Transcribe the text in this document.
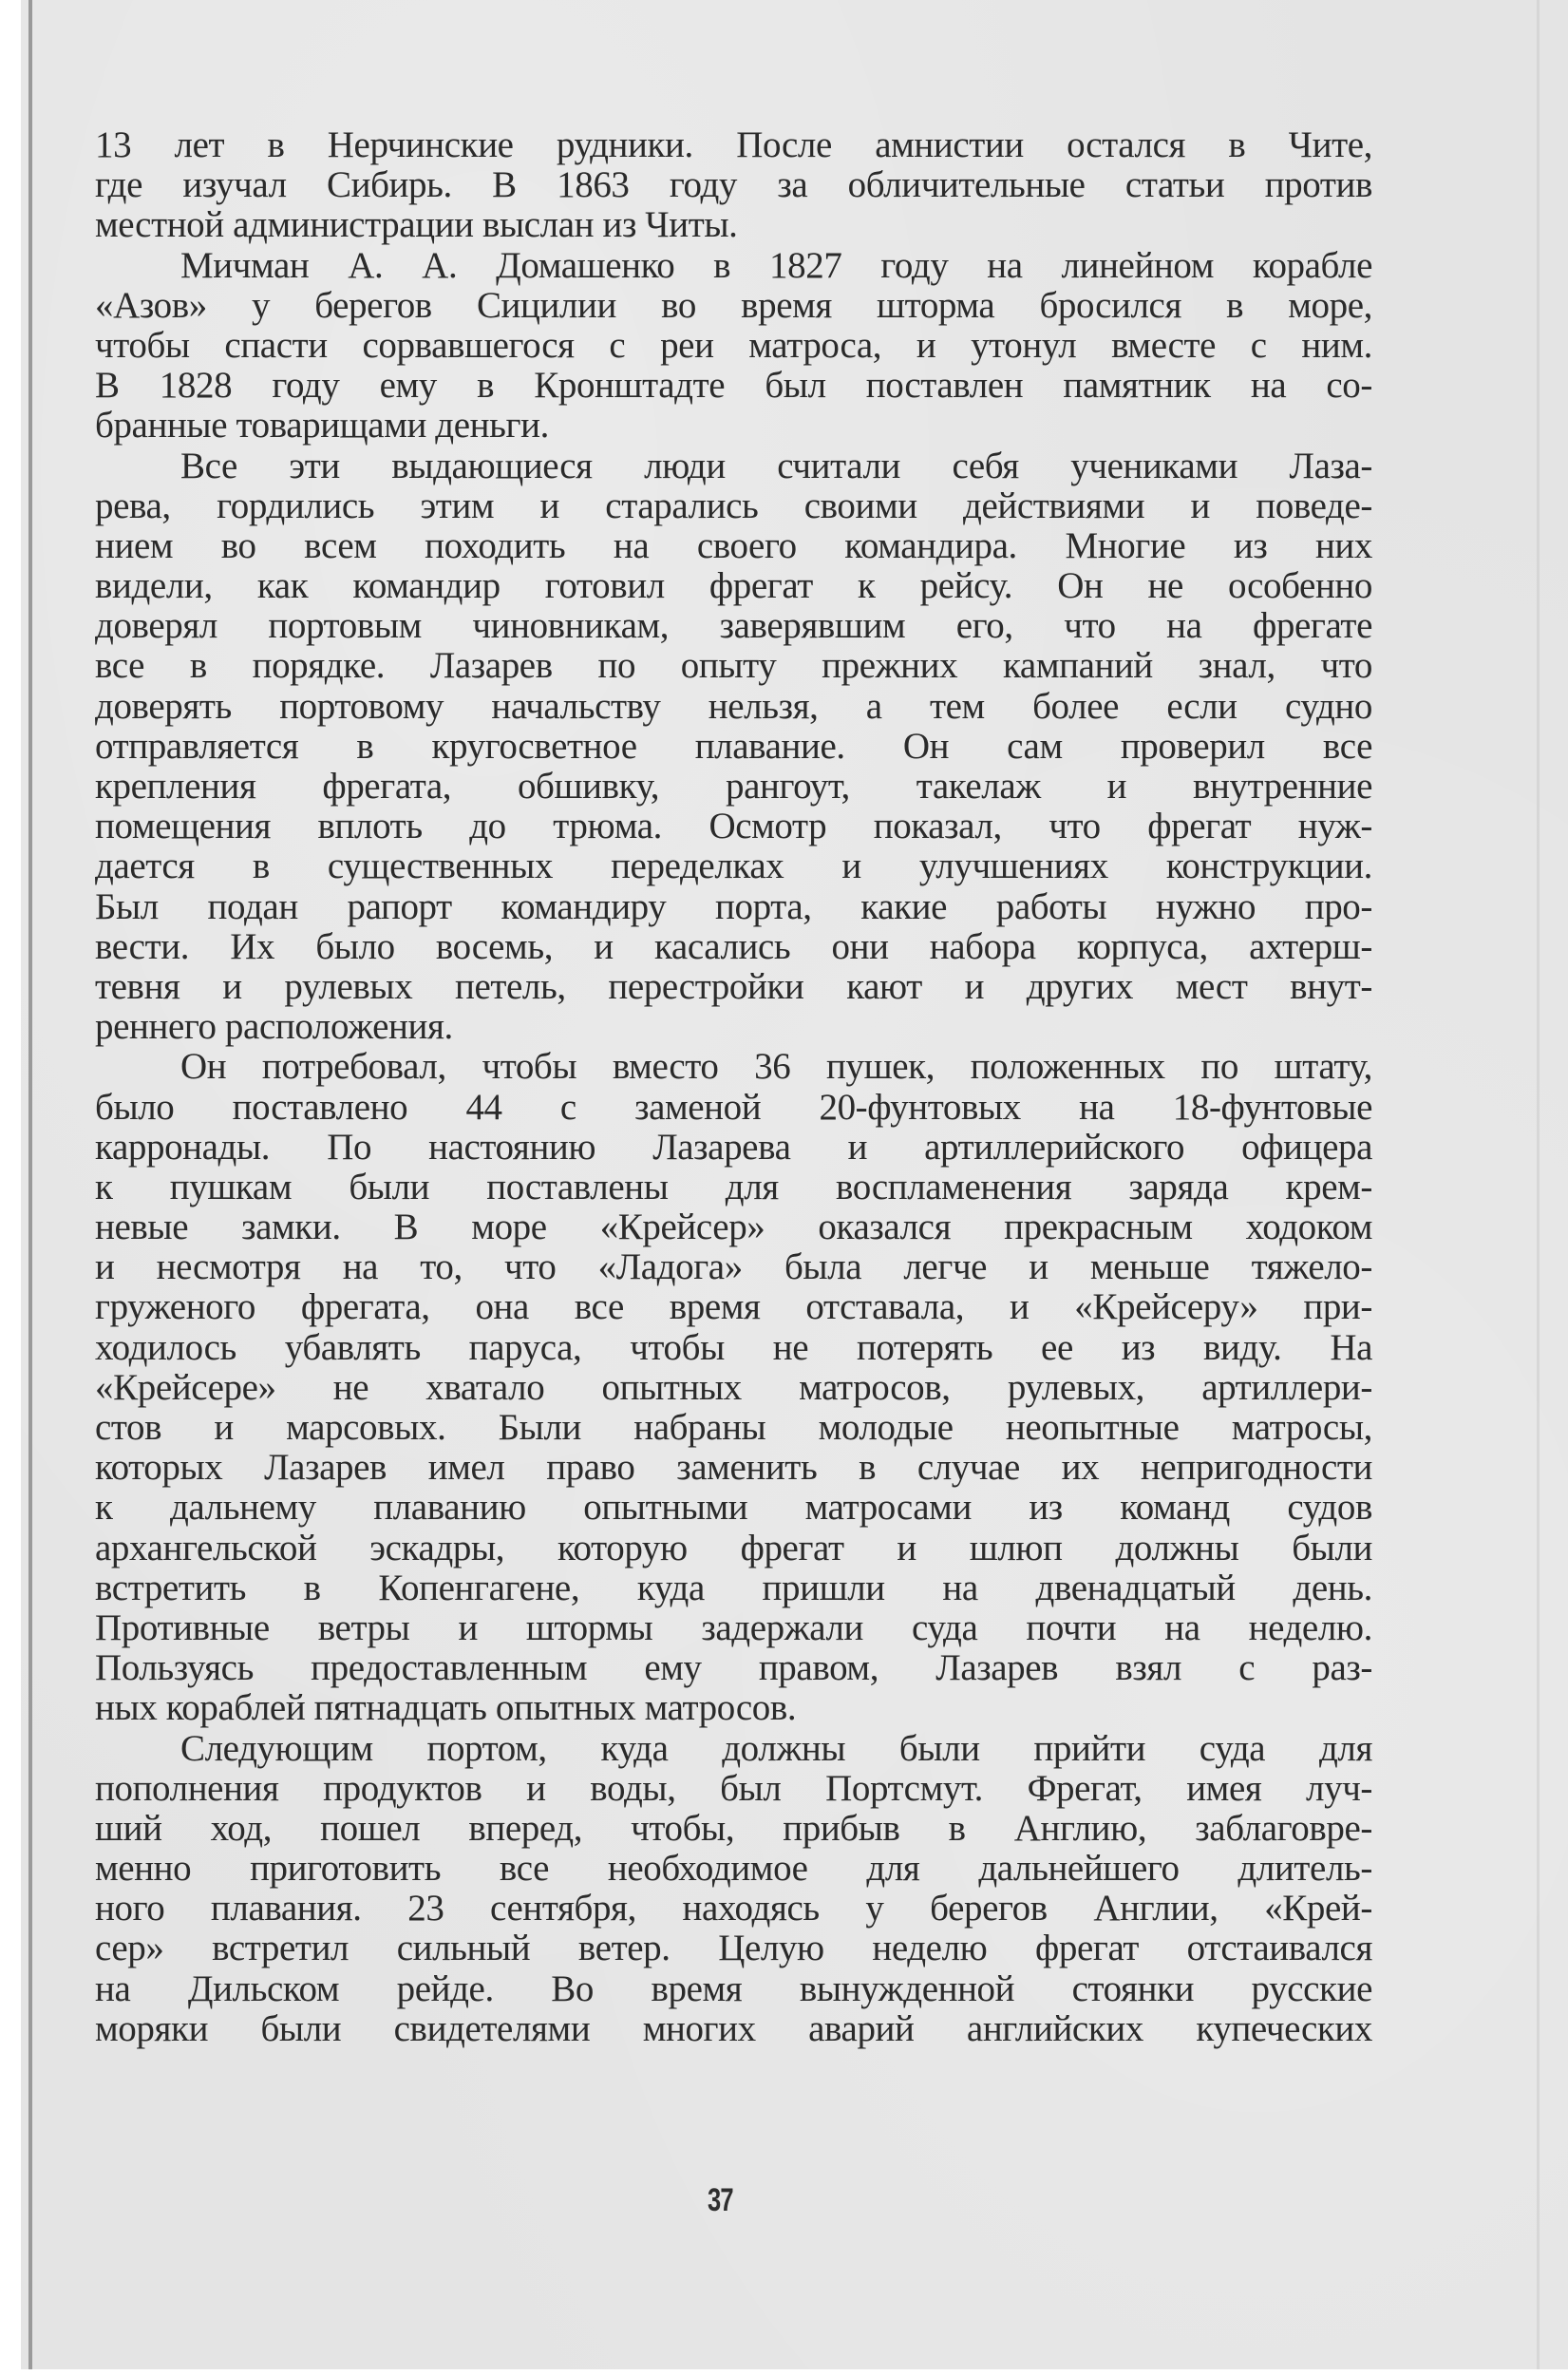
13 лет в Нерчинские рудники. После амнистии остался в Чите,
где изучал Сибирь. В 1863 году за обличительные статьи против
местной администрации выслан из Читы.
Мичман А. А. Домашенко в 1827 году на линейном корабле
«Азов» у берегов Сицилии во время шторма бросился в море,
чтобы спасти сорвавшегося с реи матроса, и утонул вместе с ним.
В 1828 году ему в Кронштадте был поставлен памятник на со-
бранные товарищами деньги.
Все эти выдающиеся люди считали себя учениками Лаза-
рева, гордились этим и старались своими действиями и поведе-
нием во всем походить на своего командира. Многие из них
видели, как командир готовил фрегат к рейсу. Он не особенно
доверял портовым чиновникам, заверявшим его, что на фрегате
все в порядке. Лазарев по опыту прежних кампаний знал, что
доверять портовому начальству нельзя, а тем более если судно
отправляется в кругосветное плавание. Он сам проверил все
крепления фрегата, обшивку, рангоут, такелаж и внутренние
помещения вплоть до трюма. Осмотр показал, что фрегат нуж-
дается в существенных переделках и улучшениях конструкции.
Был подан рапорт командиру порта, какие работы нужно про-
вести. Их было восемь, и касались они набора корпуса, ахтерш-
тевня и рулевых петель, перестройки кают и других мест внут-
реннего расположения.
Он потребовал, чтобы вместо 36 пушек, положенных по штату,
было поставлено 44 с заменой 20-фунтовых на 18-фунтовые
карронады. По настоянию Лазарева и артиллерийского офицера
к пушкам были поставлены для воспламенения заряда крем-
невые замки. В море «Крейсер» оказался прекрасным ходоком
и несмотря на то, что «Ладога» была легче и меньше тяжело-
груженого фрегата, она все время отставала, и «Крейсеру» при-
ходилось убавлять паруса, чтобы не потерять ее из виду. На
«Крейсере» не хватало опытных матросов, рулевых, артиллери-
стов и марсовых. Были набраны молодые неопытные матросы,
которых Лазарев имел право заменить в случае их непригодности
к дальнему плаванию опытными матросами из команд судов
архангельской эскадры, которую фрегат и шлюп должны были
встретить в Копенгагене, куда пришли на двенадцатый день.
Противные ветры и штормы задержали суда почти на неделю.
Пользуясь предоставленным ему правом, Лазарев взял с раз-
ных кораблей пятнадцать опытных матросов.
Следующим портом, куда должны были прийти суда для
пополнения продуктов и воды, был Портсмут. Фрегат, имея луч-
ший ход, пошел вперед, чтобы, прибыв в Англию, заблаговре-
менно приготовить все необходимое для дальнейшего длитель-
ного плавания. 23 сентября, находясь у берегов Англии, «Крей-
сер» встретил сильный ветер. Целую неделю фрегат отстаивался
на Дильском рейде. Во время вынужденной стоянки русские
моряки были свидетелями многих аварий английских купеческих
37
